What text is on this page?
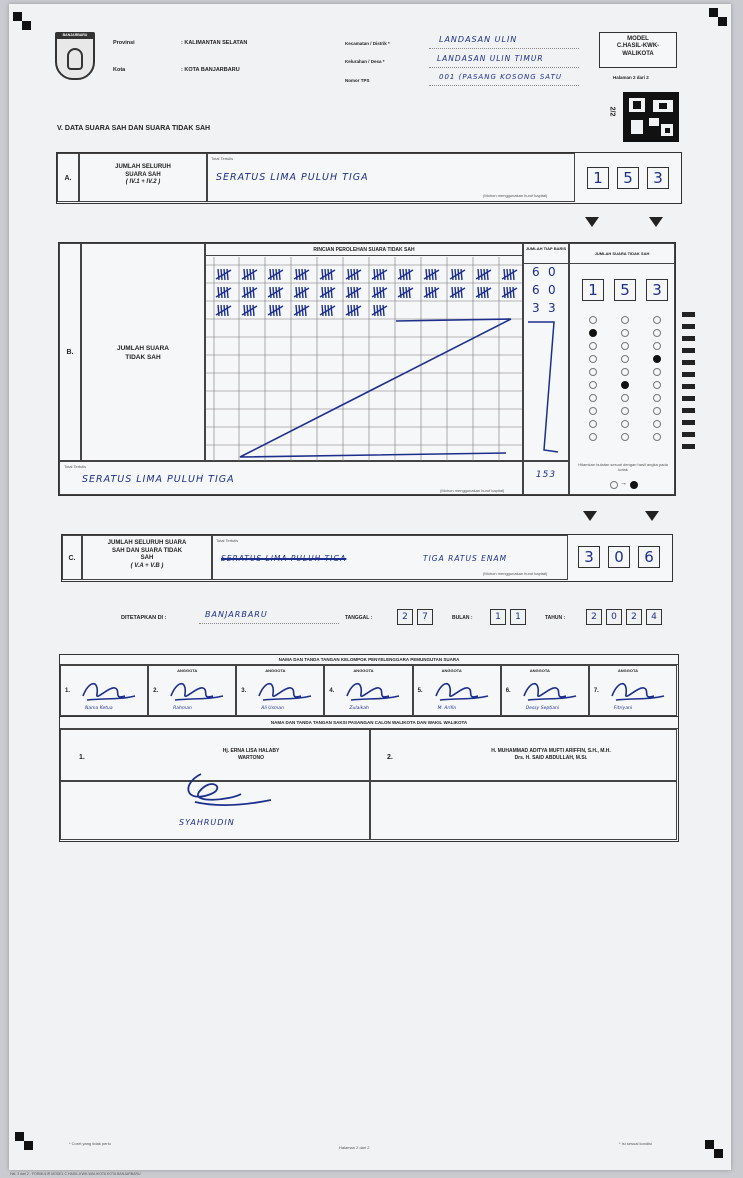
BANJARBARU
Provinsi	: KALIMANTAN SELATAN
Kota	: KOTA BANJARBARU
Kecamatan / Distrik *	LANDASAN ULIN
Kelurahan / Desa *	LANDASAN ULIN TIMUR
Nomor TPS	001 (PASANG KOSONG SATU
MODEL
C.HASIL-KWK-WALIKOTA
Halaman 2 dari 2
2/2
V. DATA SUARA SAH DAN SUARA TIDAK SAH
A.
JUMLAH SELURUH SUARA SAH
( IV.1 + IV.2 )
Total Tertulis
SERATUS LIMA PULUH TIGA
(Mohon menggunakan huruf kapital)
1	5	3
B.
JUMLAH SUARA TIDAK SAH
RINCIAN PEROLEHAN SUARA TIDAK SAH	JUMLAH TIAP BARIS
6 0
6 0
3 3
JUMLAH SUARA TIDAK SAH
1	5	3
Hitamkan bulatan sesuai dengan hasil angka pada kotak
→
Total Tertulis
SERATUS LIMA PULUH TIGA
(Mohon menggunakan huruf kapital)
153
C.
JUMLAH SELURUH SUARA SAH DAN SUARA TIDAK SAH
( V.A + V.B )
Total Tertulis
SERATUS LIMA PULUH TIGA	TIGA RATUS ENAM
(Mohon menggunakan huruf kapital)
3	0	6
DITETAPKAN DI :	BANJARBARU	TANGGAL :	2	7	BULAN :	1	1	TAHUN :	2	0	2	4
NAMA DAN TANDA TANGAN KELOMPOK PENYELENGGARA PEMUNGUTAN SUARA
1.
Nama Ketua
2.
ANGGOTA
Rahman
3.
ANGGOTA
Ali Usman
4.
ANGGOTA
Zulaikah
5.
ANGGOTA
M. Arifin
6.
ANGGOTA
Dessy Septiani
7.
ANGGOTA
Fitriyani
NAMA DAN TANDA TANGAN SAKSI PASANGAN CALON WALIKOTA DAN WAKIL WALIKOTA
1.
Hj. ERNA LISA HALABY
WARTONO	2.
H. MUHAMMAD ADITYA MUFTI ARIFFIN, S.H., M.H.
Drs. H. SAID ABDULLAH, M.Si.
SYAHRUDIN
* Coret yang tidak perlu
Halaman 2 dari 2
* Isi sesuai kondisi
Hal. 2 dari 2 - FORMULIR MODEL C.HASIL-KWK-WALIKOTA KOTA BANJARBARU
